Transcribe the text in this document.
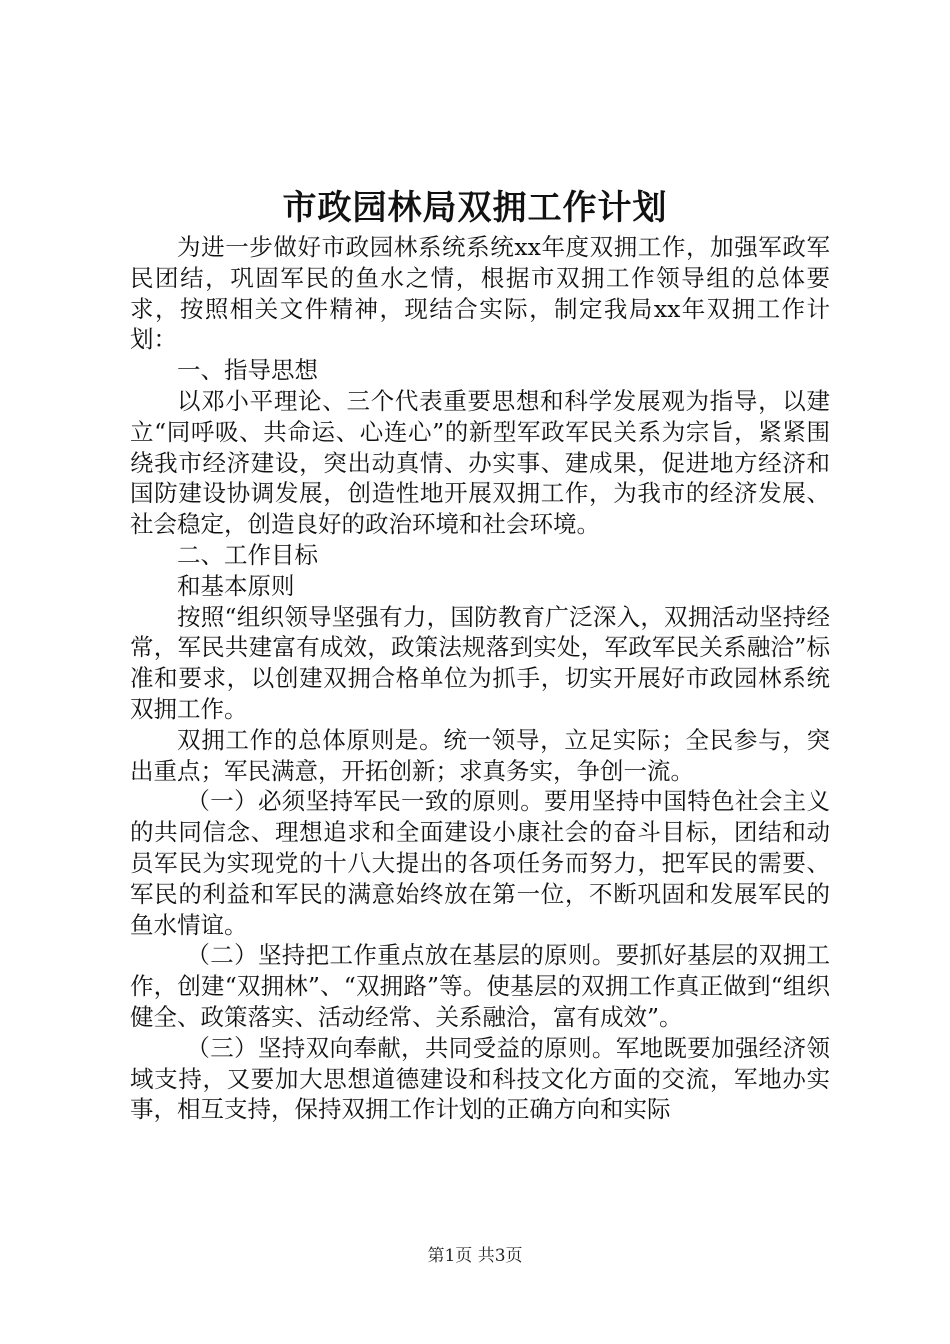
市政园林局双拥工作计划

为进一步做好市政园林系统系统xx年度双拥工作，加强军政军民团结，巩固军民的鱼水之情，根据市双拥工作领导组的总体要求，按照相关文件精神，现结合实际，制定我局xx年双拥工作计划：

一、指导思想

以邓小平理论、三个代表重要思想和科学发展观为指导，以建立“同呼吸、共命运、心连心”的新型军政军民关系为宗旨，紧紧围绕我市经济建设，突出动真情、办实事、建成果，促进地方经济和国防建设协调发展，创造性地开展双拥工作，为我市的经济发展、社会稳定，创造良好的政治环境和社会环境。

二、工作目标

和基本原则

按照“组织领导坚强有力，国防教育广泛深入，双拥活动坚持经常，军民共建富有成效，政策法规落到实处，军政军民关系融洽”标准和要求，以创建双拥合格单位为抓手，切实开展好市政园林系统双拥工作。

双拥工作的总体原则是。统一领导，立足实际；全民参与，突出重点；军民满意，开拓创新；求真务实，争创一流。

（一）必须坚持军民一致的原则。要用坚持中国特色社会主义的共同信念、理想追求和全面建设小康社会的奋斗目标，团结和动员军民为实现党的十八大提出的各项任务而努力，把军民的需要、军民的利益和军民的满意始终放在第一位，不断巩固和发展军民的鱼水情谊。

（二）坚持把工作重点放在基层的原则。要抓好基层的双拥工作，创建“双拥林”、“双拥路”等。使基层的双拥工作真正做到“组织健全、政策落实、活动经常、关系融洽，富有成效”。

（三）坚持双向奉献，共同受益的原则。军地既要加强经济领域支持，又要加大思想道德建设和科技文化方面的交流，军地办实事，相互支持，保持双拥工作计划的正确方向和实际

第1页 共3页
